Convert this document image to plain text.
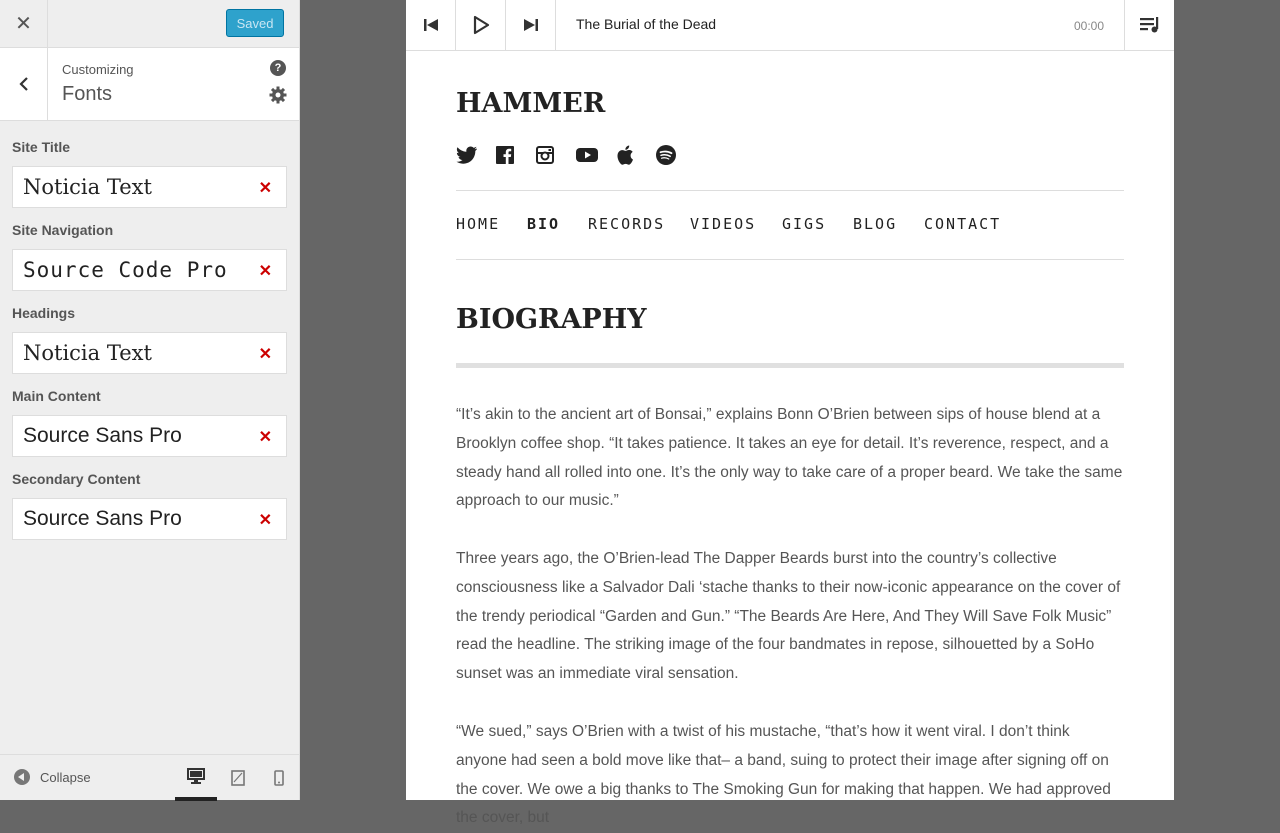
✕	Saved
Customizing
Fonts
?
Site Title
Noticia Text	✕
Site Navigation
Source Code Pro ✕
Headings
Noticia Text	✕
Main Content
Source Sans Pro	✕
Secondary Content
Source Sans Pro	✕
Collapse
The Burial of the Dead	00:00
HAMMER
HOME BIO RECORDS VIDEOS GIGS BLOG CONTACT
BIOGRAPHY

“It’s akin to the ancient art of Bonsai,” explains Bonn O’Brien between sips of house blend at a Brooklyn coffee shop. “It takes patience. It takes an eye for detail. It’s reverence, respect, and a steady hand all rolled into one. It’s the only way to take care of a proper beard. We take the same approach to our music.”

Three years ago, the O’Brien-lead The Dapper Beards burst into the country’s collective consciousness like a Salvador Dali ‘stache thanks to their now-iconic appearance on the cover of the trendy periodical “Garden and Gun.” “The Beards Are Here, And They Will Save Folk Music” read the headline. The striking image of the four bandmates in repose, silhouetted by a SoHo sunset was an immediate viral sensation.

“We sued,” says O’Brien with a twist of his mustache, “that’s how it went viral. I don’t think anyone had seen a bold move like that– a band, suing to protect their image after signing off on the cover. We owe a big thanks to The Smoking Gun for making that happen. We had approved the cover, but
